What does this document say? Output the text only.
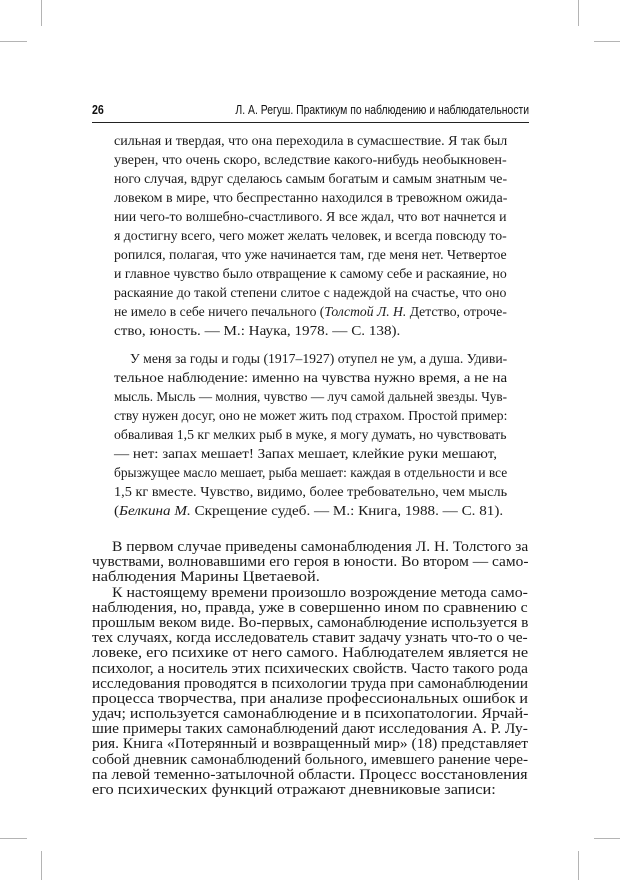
26	Л. А. Регуш. Практикум по наблюдению и наблюдательности
сильная и твердая, что она переходила в сумасшествие. Я так был
уверен, что очень скоро, вследствие какого-нибудь необыкновен-
ного случая, вдруг сделаюсь самым богатым и самым знатным че-
ловеком в мире, что беспрестанно находился в тревожном ожида-
нии чего-то волшебно-счастливого. Я все ждал, что вот начнется и
я достигну всего, чего может желать человек, и всегда повсюду то-
ропился, полагая, что уже начинается там, где меня нет. Четвертое
и главное чувство было отвращение к самому себе и раскаяние, но
раскаяние до такой степени слитое с надеждой на счастье, что оно
не имело в себе ничего печального (Толстой Л. Н. Детство, отроче-
ство, юность. — М.: Наука, 1978. — С. 138).
У меня за годы и годы (1917–1927) отупел не ум, а душа. Удиви-
тельное наблюдение: именно на чувства нужно время, а не на
мысль. Мысль — молния, чувство — луч самой дальней звезды. Чув-
ству нужен досуг, оно не может жить под страхом. Простой пример:
обваливая 1,5 кг мелких рыб в муке, я могу думать, но чувствовать
— нет: запах мешает! Запах мешает, клейкие руки мешают,
брызжущее масло мешает, рыба мешает: каждая в отдельности и все
1,5 кг вместе. Чувство, видимо, более требовательно, чем мысль
(Белкина М. Скрещение судеб. — М.: Книга, 1988. — С. 81).
В первом случае приведены самонаблюдения Л. Н. Толстого за
чувствами, волновавшими его героя в юности. Во втором — само-
наблюдения Марины Цветаевой.
К настоящему времени произошло возрождение метода само-
наблюдения, но, правда, уже в совершенно ином по сравнению с
прошлым веком виде. Во-первых, самонаблюдение используется в
тех случаях, когда исследователь ставит задачу узнать что-то о че-
ловеке, его психике от него самого. Наблюдателем является не
психолог, а носитель этих психических свойств. Часто такого рода
исследования проводятся в психологии труда при самонаблюдении
процесса творчества, при анализе профессиональных ошибок и
удач; используется самонаблюдение и в психопатологии. Ярчай-
шие примеры таких самонаблюдений дают исследования А. Р. Лу-
рия. Книга «Потерянный и возвращенный мир» (18) представляет
собой дневник самонаблюдений больного, имевшего ранение чере-
па левой теменно-затылочной области. Процесс восстановления
его психических функций отражают дневниковые записи:
